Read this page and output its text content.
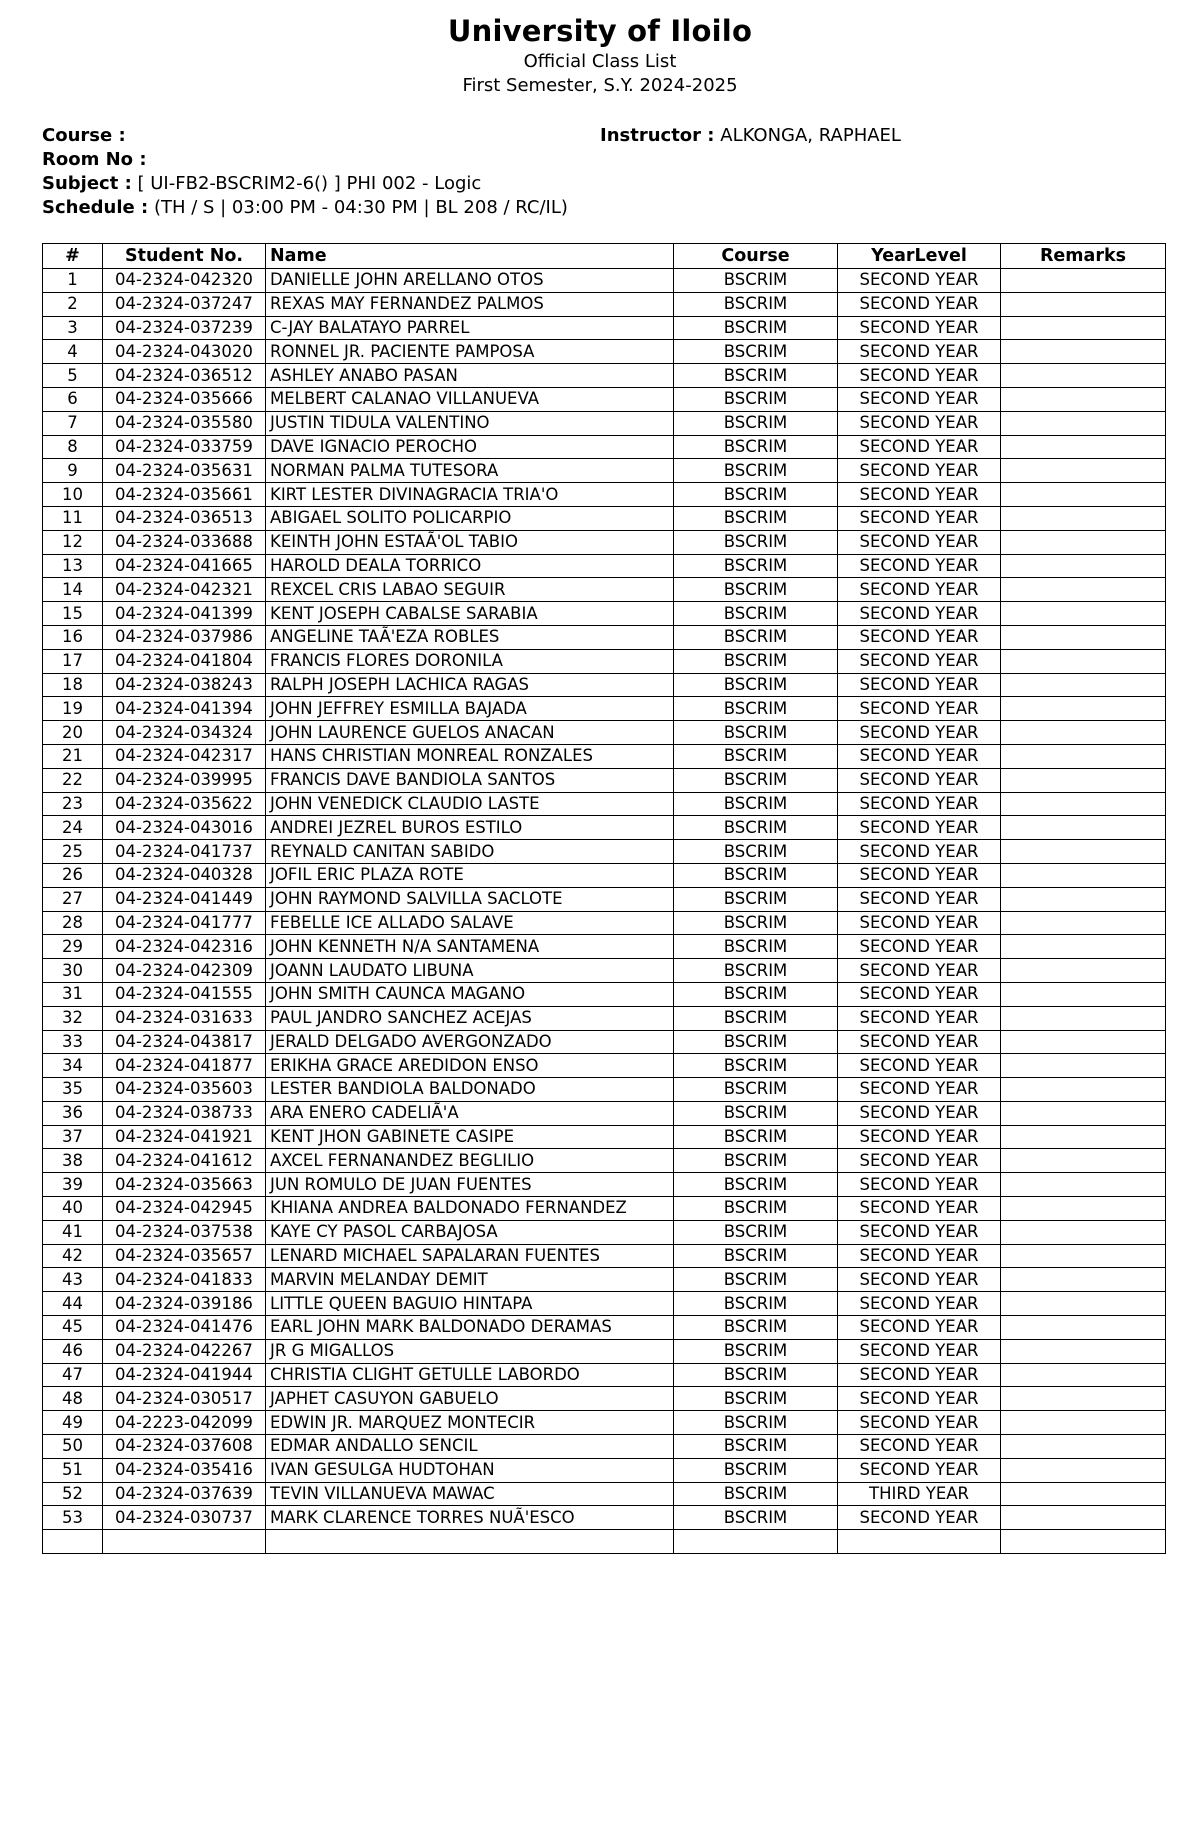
University of Iloilo
Official Class List
First Semester, S.Y. 2024-2025
Course :
Room No :
Subject : [ UI-FB2-BSCRIM2-6() ] PHI 002 - Logic
Schedule : (TH / S | 03:00 PM - 04:30 PM | BL 208 / RC/IL)
Instructor : ALKONGA, RAPHAEL
#	Student No.	Name	Course	YearLevel	Remarks
1	04-2324-042320	DANIELLE JOHN ARELLANO OTOS	BSCRIM	SECOND YEAR	
2	04-2324-037247	REXAS MAY FERNANDEZ PALMOS	BSCRIM	SECOND YEAR	
3	04-2324-037239	C-JAY BALATAYO PARREL	BSCRIM	SECOND YEAR	
4	04-2324-043020	RONNEL JR. PACIENTE PAMPOSA	BSCRIM	SECOND YEAR	
5	04-2324-036512	ASHLEY ANABO PASAN	BSCRIM	SECOND YEAR	
6	04-2324-035666	MELBERT CALANAO VILLANUEVA	BSCRIM	SECOND YEAR	
7	04-2324-035580	JUSTIN TIDULA VALENTINO	BSCRIM	SECOND YEAR	
8	04-2324-033759	DAVE IGNACIO PEROCHO	BSCRIM	SECOND YEAR	
9	04-2324-035631	NORMAN PALMA TUTESORA	BSCRIM	SECOND YEAR	
10	04-2324-035661	KIRT LESTER DIVINAGRACIA TRIA'O	BSCRIM	SECOND YEAR	
11	04-2324-036513	ABIGAEL SOLITO POLICARPIO	BSCRIM	SECOND YEAR	
12	04-2324-033688	KEINTH JOHN ESTAÃ'OL TABIO	BSCRIM	SECOND YEAR	
13	04-2324-041665	HAROLD DEALA TORRICO	BSCRIM	SECOND YEAR	
14	04-2324-042321	REXCEL CRIS LABAO SEGUIR	BSCRIM	SECOND YEAR	
15	04-2324-041399	KENT JOSEPH CABALSE SARABIA	BSCRIM	SECOND YEAR	
16	04-2324-037986	ANGELINE TAÃ'EZA ROBLES	BSCRIM	SECOND YEAR	
17	04-2324-041804	FRANCIS FLORES DORONILA	BSCRIM	SECOND YEAR	
18	04-2324-038243	RALPH JOSEPH LACHICA RAGAS	BSCRIM	SECOND YEAR	
19	04-2324-041394	JOHN JEFFREY ESMILLA BAJADA	BSCRIM	SECOND YEAR	
20	04-2324-034324	JOHN LAURENCE GUELOS ANACAN	BSCRIM	SECOND YEAR	
21	04-2324-042317	HANS CHRISTIAN MONREAL RONZALES	BSCRIM	SECOND YEAR	
22	04-2324-039995	FRANCIS DAVE BANDIOLA SANTOS	BSCRIM	SECOND YEAR	
23	04-2324-035622	JOHN VENEDICK CLAUDIO LASTE	BSCRIM	SECOND YEAR	
24	04-2324-043016	ANDREI JEZREL BUROS ESTILO	BSCRIM	SECOND YEAR	
25	04-2324-041737	REYNALD CANITAN SABIDO	BSCRIM	SECOND YEAR	
26	04-2324-040328	JOFIL ERIC PLAZA ROTE	BSCRIM	SECOND YEAR	
27	04-2324-041449	JOHN RAYMOND SALVILLA SACLOTE	BSCRIM	SECOND YEAR	
28	04-2324-041777	FEBELLE ICE ALLADO SALAVE	BSCRIM	SECOND YEAR	
29	04-2324-042316	JOHN KENNETH N/A SANTAMENA	BSCRIM	SECOND YEAR	
30	04-2324-042309	JOANN LAUDATO LIBUNA	BSCRIM	SECOND YEAR	
31	04-2324-041555	JOHN SMITH CAUNCA MAGANO	BSCRIM	SECOND YEAR	
32	04-2324-031633	PAUL JANDRO SANCHEZ ACEJAS	BSCRIM	SECOND YEAR	
33	04-2324-043817	JERALD DELGADO AVERGONZADO	BSCRIM	SECOND YEAR	
34	04-2324-041877	ERIKHA GRACE AREDIDON ENSO	BSCRIM	SECOND YEAR	
35	04-2324-035603	LESTER BANDIOLA BALDONADO	BSCRIM	SECOND YEAR	
36	04-2324-038733	ARA ENERO CADELIÃ'A	BSCRIM	SECOND YEAR	
37	04-2324-041921	KENT JHON GABINETE CASIPE	BSCRIM	SECOND YEAR	
38	04-2324-041612	AXCEL FERNANANDEZ BEGLILIO	BSCRIM	SECOND YEAR	
39	04-2324-035663	JUN ROMULO DE JUAN FUENTES	BSCRIM	SECOND YEAR	
40	04-2324-042945	KHIANA ANDREA BALDONADO FERNANDEZ	BSCRIM	SECOND YEAR	
41	04-2324-037538	KAYE CY PASOL CARBAJOSA	BSCRIM	SECOND YEAR	
42	04-2324-035657	LENARD MICHAEL SAPALARAN FUENTES	BSCRIM	SECOND YEAR	
43	04-2324-041833	MARVIN MELANDAY DEMIT	BSCRIM	SECOND YEAR	
44	04-2324-039186	LITTLE QUEEN BAGUIO HINTAPA	BSCRIM	SECOND YEAR	
45	04-2324-041476	EARL JOHN MARK BALDONADO DERAMAS	BSCRIM	SECOND YEAR	
46	04-2324-042267	JR G MIGALLOS	BSCRIM	SECOND YEAR	
47	04-2324-041944	CHRISTIA CLIGHT GETULLE LABORDO	BSCRIM	SECOND YEAR	
48	04-2324-030517	JAPHET CASUYON GABUELO	BSCRIM	SECOND YEAR	
49	04-2223-042099	EDWIN JR. MARQUEZ MONTECIR	BSCRIM	SECOND YEAR	
50	04-2324-037608	EDMAR ANDALLO SENCIL	BSCRIM	SECOND YEAR	
51	04-2324-035416	IVAN GESULGA HUDTOHAN	BSCRIM	SECOND YEAR	
52	04-2324-037639	TEVIN VILLANUEVA MAWAC	BSCRIM	THIRD YEAR	
53	04-2324-030737	MARK CLARENCE TORRES NUÃ'ESCO	BSCRIM	SECOND YEAR	
